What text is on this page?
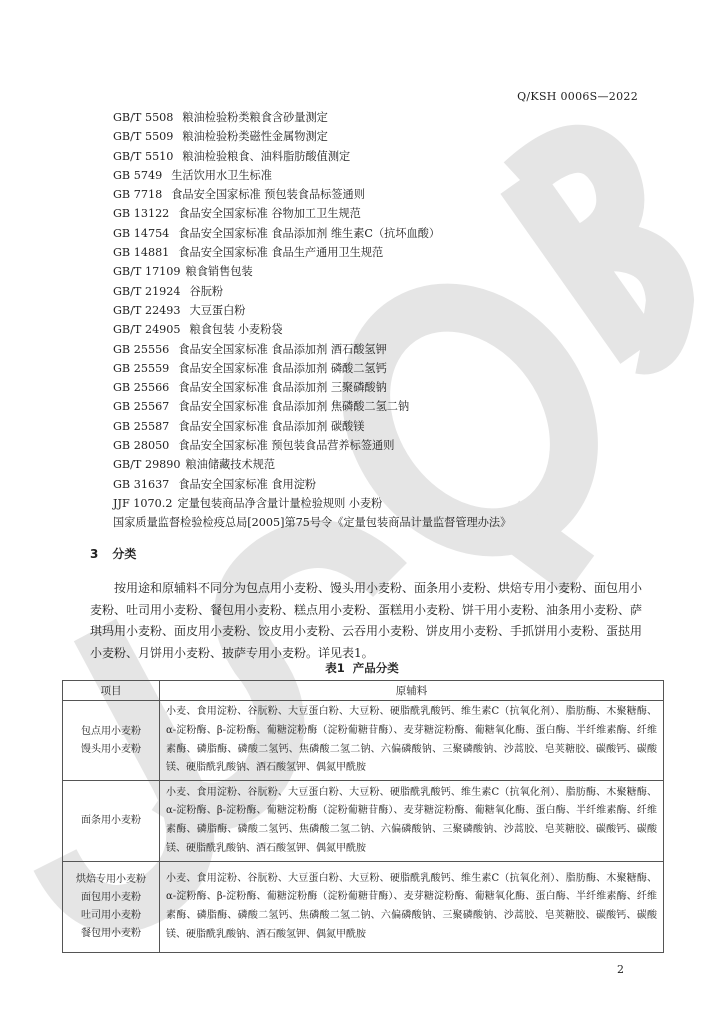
Q/KSH 0006S—2022
GB/T 5508 粮油检验粉类粮食含砂量测定
GB/T 5509 粮油检验粉类磁性金属物测定
GB/T 5510 粮油检验粮食、油料脂肪酸值测定
GB 5749 生活饮用水卫生标准
GB 7718 食品安全国家标准 预包装食品标签通则
GB 13122 食品安全国家标准 谷物加工卫生规范
GB 14754 食品安全国家标准 食品添加剂 维生素C（抗坏血酸）
GB 14881 食品安全国家标准 食品生产通用卫生规范
GB/T 17109 粮食销售包装
GB/T 21924 谷朊粉
GB/T 22493 大豆蛋白粉
GB/T 24905 粮食包装 小麦粉袋
GB 25556 食品安全国家标准 食品添加剂 酒石酸氢钾
GB 25559 食品安全国家标准 食品添加剂 磷酸二氢钙
GB 25566 食品安全国家标准 食品添加剂 三聚磷酸钠
GB 25567 食品安全国家标准 食品添加剂 焦磷酸二氢二钠
GB 25587 食品安全国家标准 食品添加剂 碳酸镁
GB 28050 食品安全国家标准 预包装食品营养标签通则
GB/T 29890 粮油储藏技术规范
GB 31637 食品安全国家标准 食用淀粉
JJF 1070.2 定量包装商品净含量计量检验规则 小麦粉
国家质量监督检验检疫总局[2005]第75号令《定量包装商品计量监督管理办法》
3 分类
按用途和原辅料不同分为包点用小麦粉、馒头用小麦粉、面条用小麦粉、烘焙专用小麦粉、面包用小麦粉、吐司用小麦粉、餐包用小麦粉、糕点用小麦粉、蛋糕用小麦粉、饼干用小麦粉、油条用小麦粉、萨琪玛用小麦粉、面皮用小麦粉、饺皮用小麦粉、云吞用小麦粉、饼皮用小麦粉、手抓饼用小麦粉、蛋挞用小麦粉、月饼用小麦粉、披萨专用小麦粉。详见表1。
表1 产品分类
项目	原辅料

包点用小麦粉
馒头用小麦粉	小麦、食用淀粉、谷朊粉、大豆蛋白粉、大豆粉、硬脂酰乳酸钙、维生素C（抗氧化剂）、脂肪酶、木聚糖酶、α-淀粉酶、β-淀粉酶、葡糖淀粉酶（淀粉葡糖苷酶）、麦芽糖淀粉酶、葡糖氧化酶、蛋白酶、半纤维素酶、纤维素酶、磷脂酶、磷酸二氢钙、焦磷酸二氢二钠、六偏磷酸钠、三聚磷酸钠、沙蒿胶、皂荚糖胶、碳酸钙、碳酸镁、硬脂酰乳酸钠、酒石酸氢钾、偶氮甲酰胺

面条用小麦粉	小麦、食用淀粉、谷朊粉、大豆蛋白粉、大豆粉、硬脂酰乳酸钙、维生素C（抗氧化剂）、脂肪酶、木聚糖酶、α-淀粉酶、β-淀粉酶、葡糖淀粉酶（淀粉葡糖苷酶）、麦芽糖淀粉酶、葡糖氧化酶、蛋白酶、半纤维素酶、纤维素酶、磷脂酶、磷酸二氢钙、焦磷酸二氢二钠、六偏磷酸钠、三聚磷酸钠、沙蒿胶、皂荚糖胶、碳酸钙、碳酸镁、硬脂酰乳酸钠、酒石酸氢钾、偶氮甲酰胺

烘焙专用小麦粉
面包用小麦粉
吐司用小麦粉
餐包用小麦粉	小麦、食用淀粉、谷朊粉、大豆蛋白粉、大豆粉、硬脂酰乳酸钙、维生素C（抗氧化剂）、脂肪酶、木聚糖酶、α-淀粉酶、β-淀粉酶、葡糖淀粉酶（淀粉葡糖苷酶）、麦芽糖淀粉酶、葡糖氧化酶、蛋白酶、半纤维素酶、纤维素酶、磷脂酶、磷酸二氢钙、焦磷酸二氢二钠、六偏磷酸钠、三聚磷酸钠、沙蒿胶、皂荚糖胶、碳酸钙、碳酸镁、硬脂酰乳酸钠、酒石酸氢钾、偶氮甲酰胺
2
